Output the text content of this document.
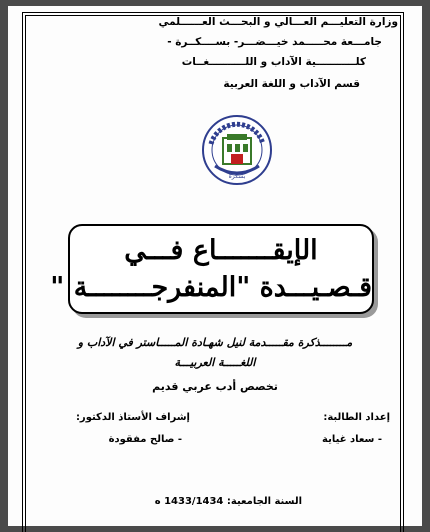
وزارة التعليـــم العـــالي و البحـــث العــــــلمي
جامـــعة محـــــمد خيـــضـــر- بســــكــرة -
كلـــــــــــية الآداب و اللــــــــــغــات
قسم الآداب و اللغة العربية
بسكرة
الإيقـــــــاع فـــي
قـصـيـــدة "المنفرجــــــــة "
مــــــــذكرة مقـــــدمة لنيل شهـادة المـــــاستر في الآداب و
اللغـــــة العربيـــة
تخصص أدب عربي قديم
إعداد الطالبة:
إشراف الأستاذ الدكتور:
- سعاد غياية
- صالح مفقودة
السنة الجامعية: 1433/1434 ه
